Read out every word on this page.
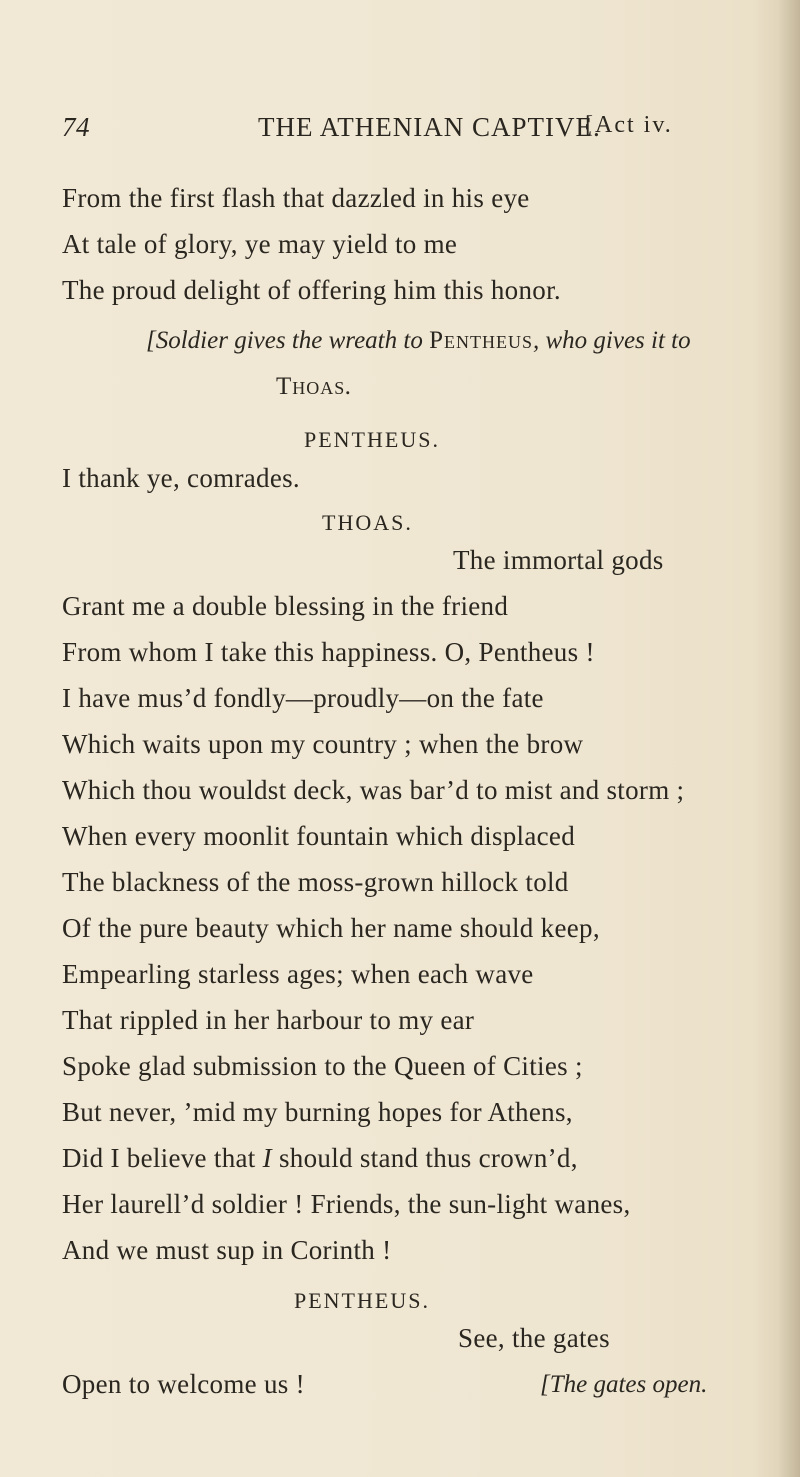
74	THE ATHENIAN CAPTIVE.
[Act iv.
From the first flash that dazzled in his eye
At tale of glory, ye may yield to me
The proud delight of offering him this honor.
[Soldier gives the wreath to Pentheus, who gives it to
Thoas.
PENTHEUS.
I thank ye, comrades.
THOAS.
The immortal gods
Grant me a double blessing in the friend
From whom I take this happiness. O, Pentheus !
I have mus’d fondly—proudly—on the fate
Which waits upon my country ; when the brow
Which thou wouldst deck, was bar’d to mist and storm ;
When every moonlit fountain which displaced
The blackness of the moss-grown hillock told
Of the pure beauty which her name should keep,
Empearling starless ages; when each wave
That rippled in her harbour to my ear
Spoke glad submission to the Queen of Cities ;
But never, ’mid my burning hopes for Athens,
Did I believe that I should stand thus crown’d,
Her laurell’d soldier ! Friends, the sun-light wanes,
And we must sup in Corinth !
PENTHEUS.
See, the gates
Open to welcome us !	[The gates open.
